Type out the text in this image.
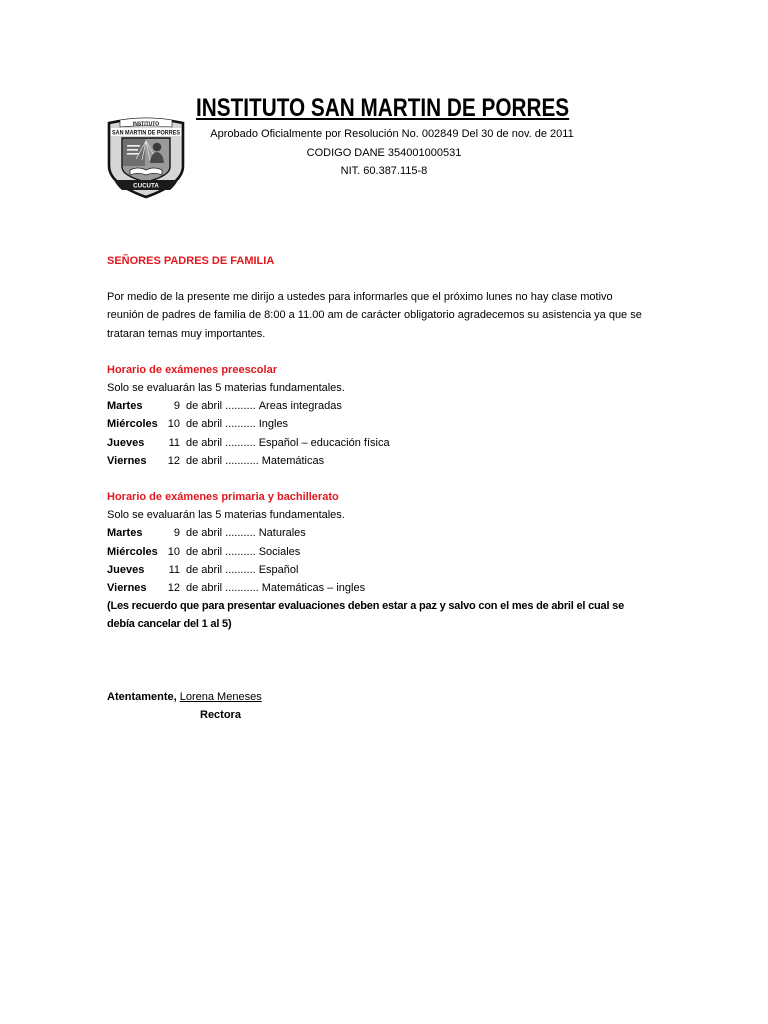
INSTITUTO
SAN MARTIN DE PORRES
CUCUTA
INSTITUTO SAN MARTIN DE PORRES
Aprobado Oficialmente por Resolución No. 002849 Del 30 de nov. de 2011
CODIGO DANE 354001000531
NIT. 60.387.115-8
SEÑORES PADRES DE FAMILIA
Por medio de la presente me dirijo a ustedes para informarles que el próximo lunes no hay clase motivo
reunión de padres de familia de 8:00 a 11.00 am de carácter obligatorio agradecemos su asistencia ya que se
trataran temas muy importantes.
Horario de exámenes preescolar
Solo se evaluarán las 5 materias fundamentales.
Martes	9 de abril .......... Areas integradas
Miércoles 10 de abril .......... Ingles
Jueves 11 de abril .......... Español – educación física
Viernes 12 de abril ........... Matemáticas
Horario de exámenes primaria y bachillerato
Solo se evaluarán las 5 materias fundamentales.
Martes	9 de abril .......... Naturales
Miércoles 10 de abril .......... Sociales
Jueves 11 de abril .......... Español
Viernes 12 de abril ........... Matemáticas – ingles
(Les recuerdo que para presentar evaluaciones deben estar a paz y salvo con el mes de abril el cual se
debía cancelar del 1 al 5)
Atentamente, Lorena Meneses
Rectora
